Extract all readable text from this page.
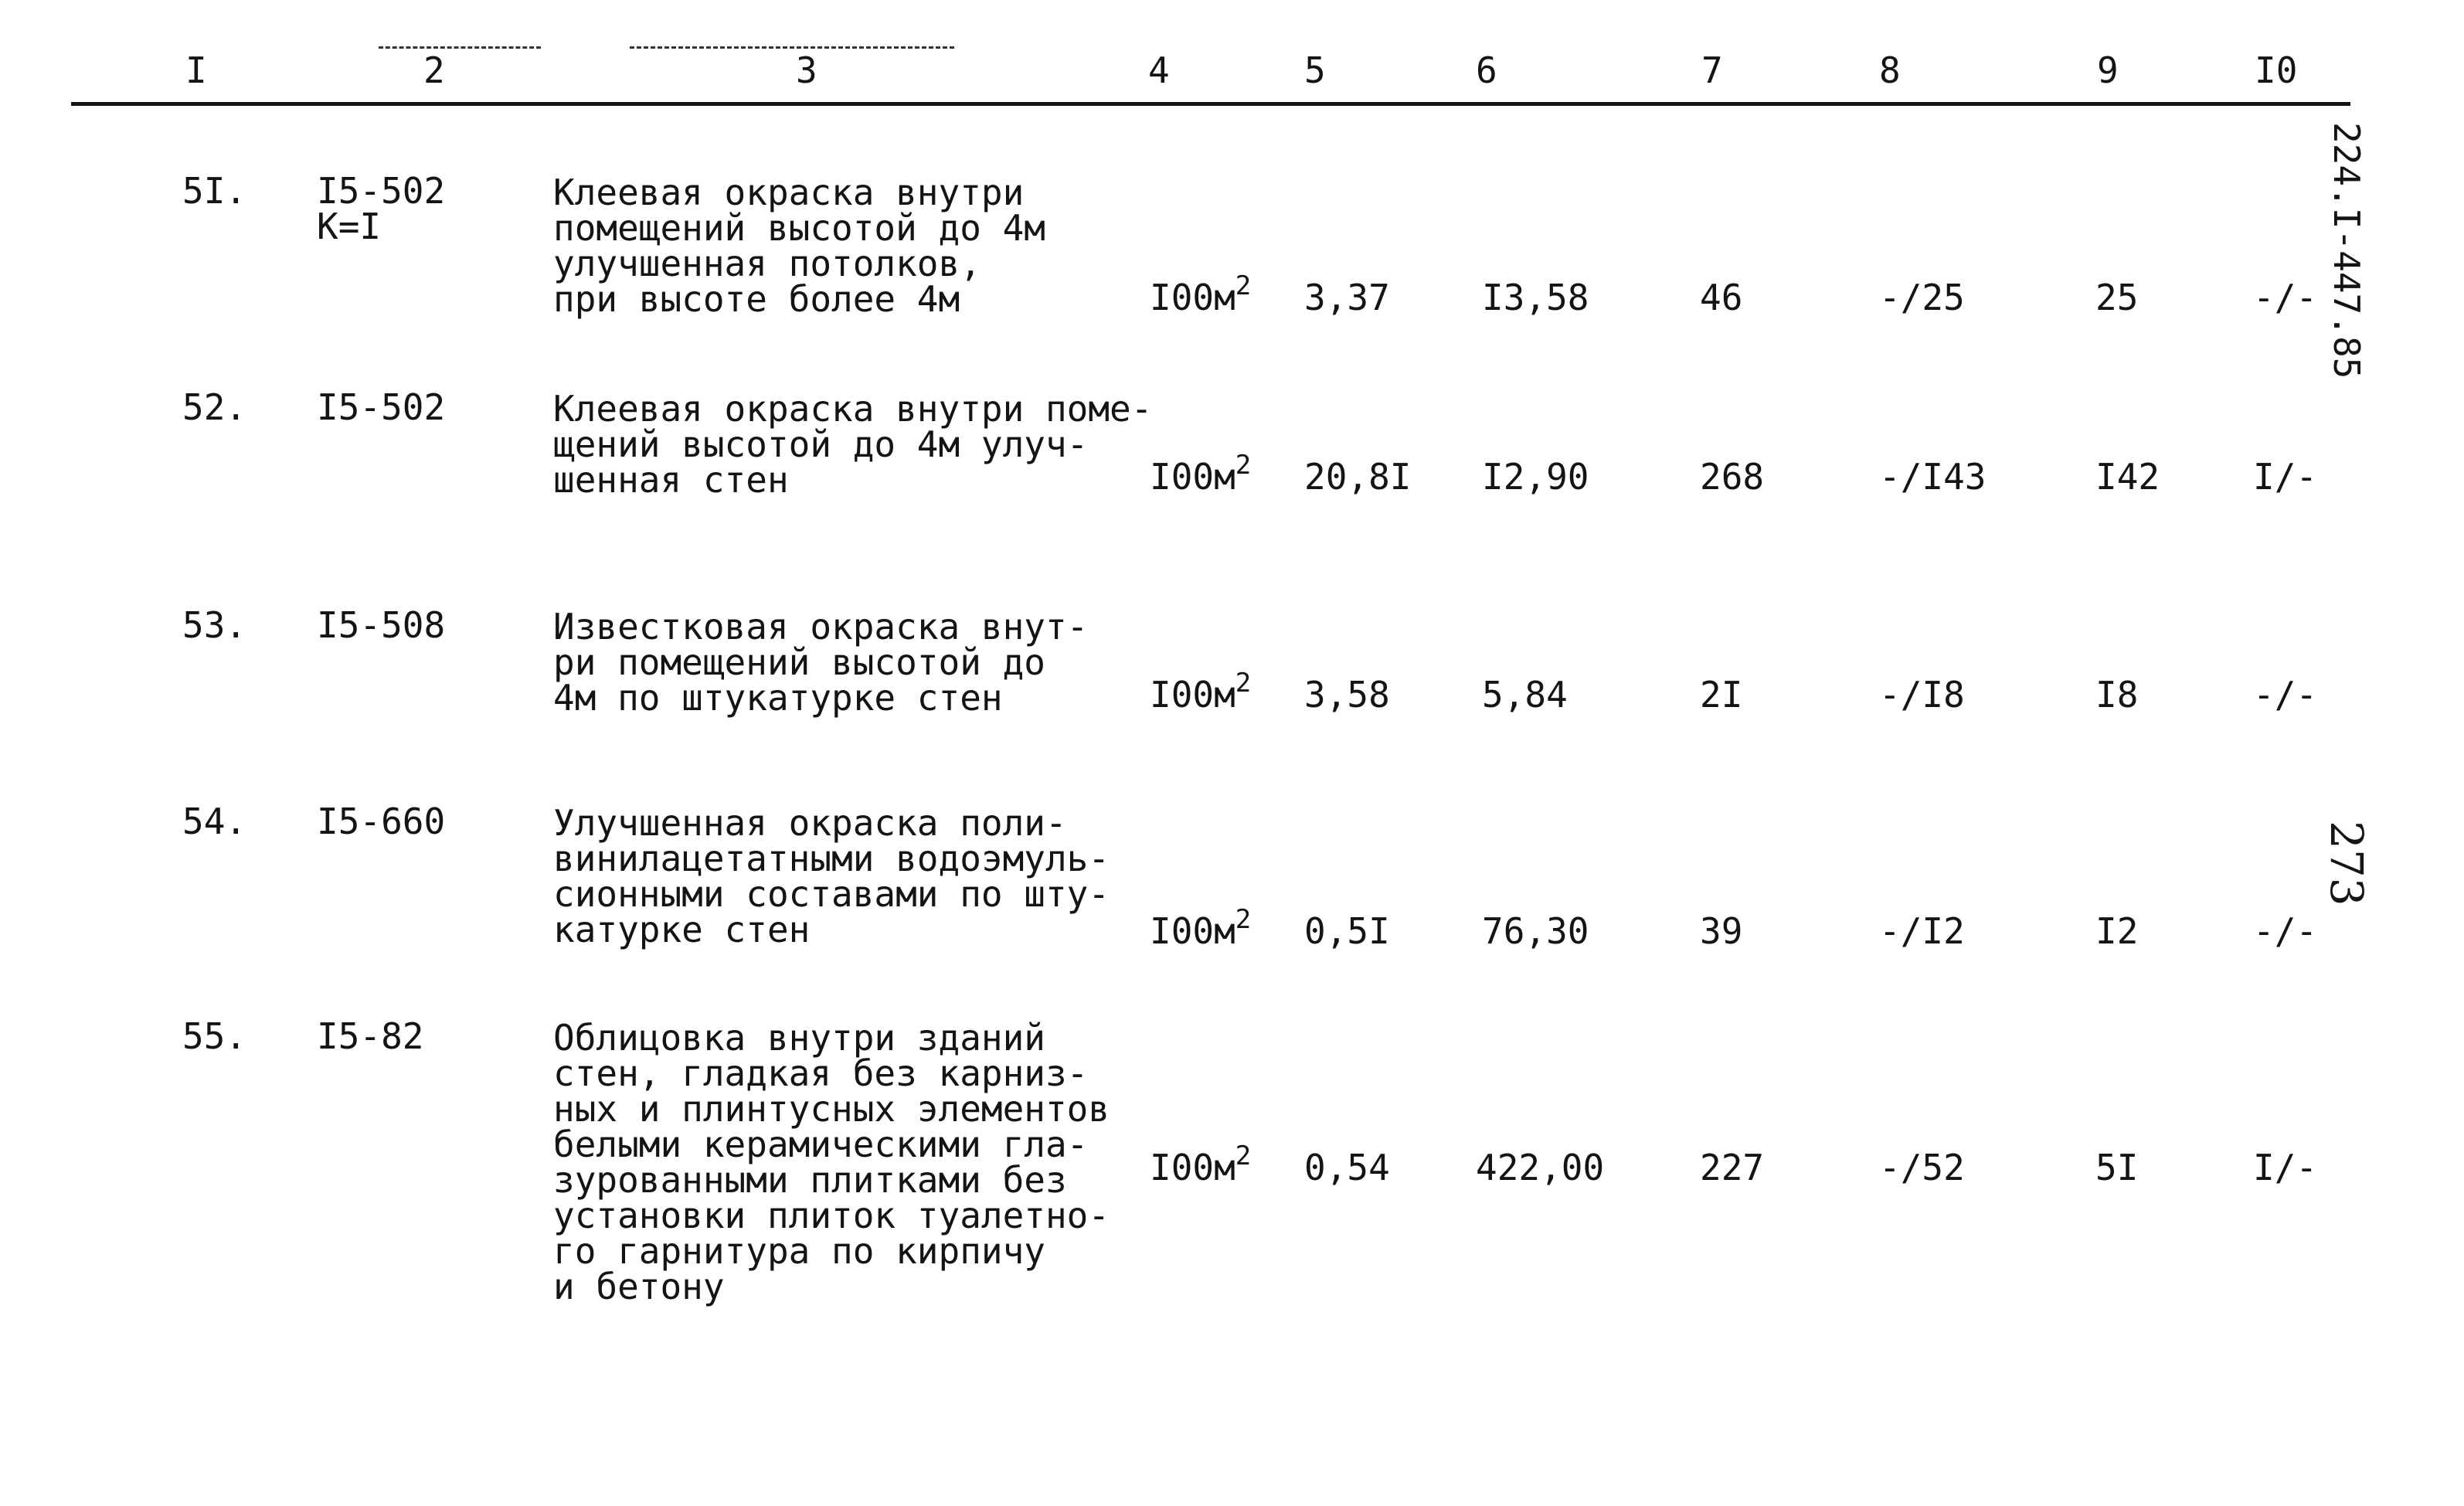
I	2	3	4	5	6	7	8	9	I0
5I. I5-502
К=I
Клеевая окраска внутри
помещений высотой до 4м
улучшенная потолков,
при высоте более 4м	$I00м^2$ 3,37	I3,58	46	-/25	25	-/-
52. I5-502	Клеевая окраска внутри поме-
щений высотой до 4м улуч-
шенная стен	$I00м^2$ 20,8I I2,90	268	-/I43	I42	I/-
53. I5-508	Известковая окраска внут-
ри помещений высотой до
4м по штукатурке стен	$I00м^2$ 3,58	5,84	2I	-/I8	I8	-/-
54. I5-660	Улучшенная окраска поли-
винилацетатными водоэмуль-
сионными составами по шту-
катурке стен	$I00м^2$ 0,5I	76,30	39	-/I2	I2	-/-
55. I5-82	Облицовка внутри зданий
стен, гладкая без карниз-
ных и плинтусных элементов
белыми керамическими гла-
зурованными плитками без
установки плиток туалетно-
го гарнитура по кирпичу
и бетону
$I00м^2$ 0,54 422,00	227	-/52	5I	I/-
224.I-447.85
273
